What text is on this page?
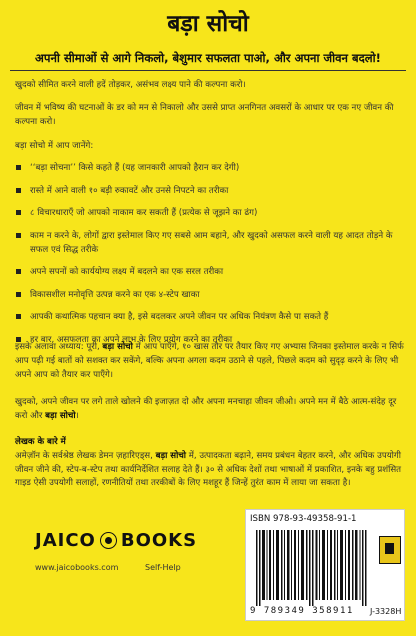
बड़ा सोचो
अपनी सीमाओं से आगे निकलो, बेशुमार सफलता पाओ, और अपना जीवन बदलो!
खुदको सीमित करने वाली हदें तोड़कर, असंभव लक्ष्य पाने की कल्पना करो।
जीवन में भविष्य की घटनाओं के डर को मन से निकालो और उससे प्राप्त अनगिनत अवसरों के आधार पर एक नए जीवन की कल्पना करो।
बड़ा सोचो में आप जानेंगे:
‘‘बड़ा सोचना’’ किसे कहते हैं (यह जानकारी आपको हैरान कर देगी)
रास्ते में आने वाली १० बड़ी रुकावटें और उनसे निपटने का तरीका
८ विचारधाराएँ जो आपको नाकाम कर सकती हैं (प्रत्येक से जूझने का ढंग)
काम न करने के, लोगों द्वारा इस्तेमाल किए गए सबसे आम बहाने, और खुदको असफल करने वाली यह आदत तोड़ने के सफल एवं सिद्ध तरीके
अपने सपनों को कार्ययोग्य लक्ष्य में बदलने का एक सरल तरीका
विकासशील मनोवृत्ति उत्पन्न करने का एक ४-स्टेप खाका
आपकी कथात्मिक पहचान क्या है, इसे बदलकर अपने जीवन पर अधिक नियंत्रण कैसे पा सकते हैं
हर बार, असफलता का अपने लाभ के लिए प्रयोग करने का तरीका
इसके अलावा अध्याय: पूरी, बड़ा सोचो में आप पाएँगे, १० खास तौर पर तैयार किए गए अभ्यास जिनका इस्तेमाल करके न सिर्फ आप पढ़ी गई बातों को सशक्त कर सकेंगे, बल्कि अपना अगला कदम उठाने से पहले, पिछले कदम को सुदृढ़ करने के लिए भी अपने आप को तैयार कर पाएँगे।
खुदको, अपने जीवन पर लगे ताले खोलने की इजाज़त दो और अपना मनचाहा जीवन जीओ। अपने मन में बैठे आत्म-संदेह दूर करो और बड़ा सोचो।
लेखक के बारे में
अमेज़ॉन के सर्वश्रेष्ठ लेखक डेमन ज़हारिएड्स, बड़ा सोचो में, उत्पादकता बढ़ाने, समय प्रबंधन बेहतर करने, और अधिक उपयोगी जीवन जीने की, स्टेप-ब-स्टेप तथा कार्यनिर्देशित सलाह देते हैं। ३० से अधिक देशों तथा भाषाओं में प्रकाशित, इनके बहु प्रशंसित गाइड ऐसी उपयोगी सलाहों, रणनीतियों तथा तरकीबों के लिए मशहूर हैं जिन्हें तुरंत काम में लाया जा सकता है।
JAICO BOOKS
www.jaicobooks.com	Self-Help
ISBN 978-93-49358-91-1
9 789349 358911 J-3328H
